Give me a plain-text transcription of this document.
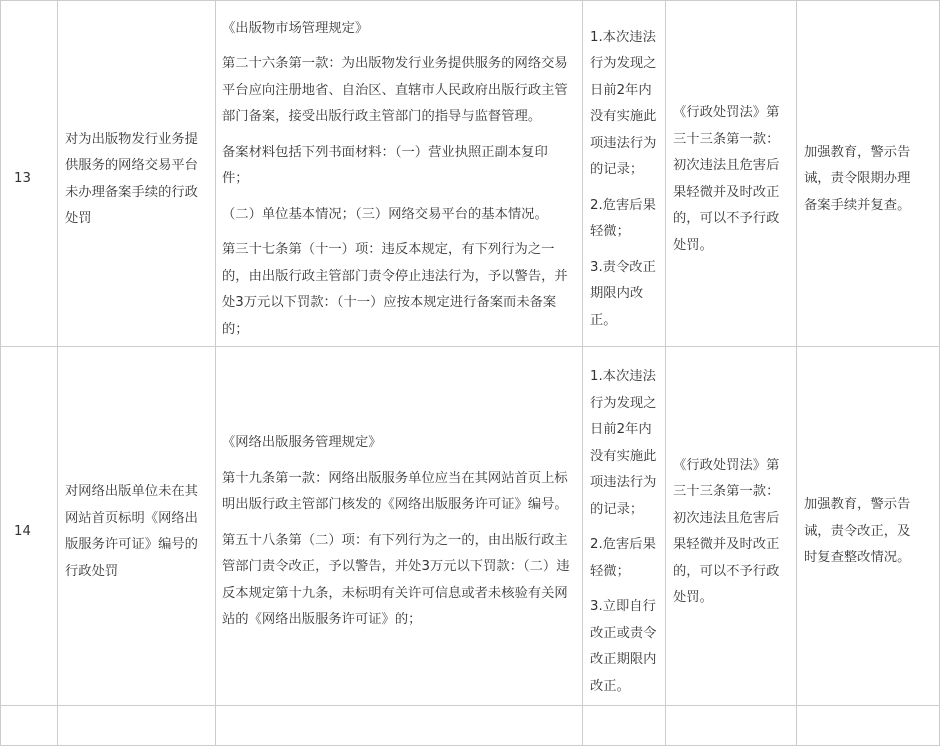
13

对为出版物发行业务提供服务的网络交易平台未办理备案手续的行政处罚

《出版物市场管理规定》

第二十六条第一款：为出版物发行业务提供服务的网络交易平台应向注册地省、自治区、直辖市人民政府出版行政主管部门备案，接受出版行政主管部门的指导与监督管理。

备案材料包括下列书面材料：（一）营业执照正副本复印件；

（二）单位基本情况；（三）网络交易平台的基本情况。

第三十七条第（十一）项：违反本规定，有下列行为之一的，由出版行政主管部门责令停止违法行为，予以警告，并处3万元以下罚款：（十一）应按本规定进行备案而未备案的；

1.本次违法行为发现之日前2年内没有实施此项违法行为的记录；

2.危害后果轻微；

3.责令改正期限内改正。

《行政处罚法》第三十三条第一款：初次违法且危害后果轻微并及时改正的，可以不予行政处罚。

加强教育，警示告诫，责令限期办理备案手续并复查。

14

对网络出版单位未在其网站首页标明《网络出版服务许可证》编号的行政处罚

《网络出版服务管理规定》

第十九条第一款：网络出版服务单位应当在其网站首页上标明出版行政主管部门核发的《网络出版服务许可证》编号。

第五十八条第（二）项：有下列行为之一的，由出版行政主管部门责令改正，予以警告，并处3万元以下罚款：（二）违反本规定第十九条，未标明有关许可信息或者未核验有关网站的《网络出版服务许可证》的；

1.本次违法行为发现之日前2年内没有实施此项违法行为的记录；

2.危害后果轻微；

3.立即自行改正或责令改正期限内改正。

《行政处罚法》第三十三条第一款：初次违法且危害后果轻微并及时改正的，可以不予行政处罚。

加强教育，警示告诫，责令改正，及时复查整改情况。
